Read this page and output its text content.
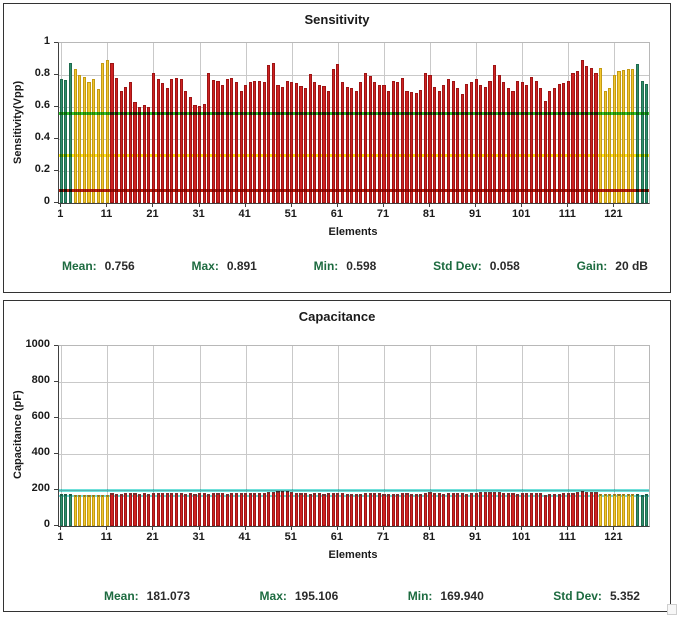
Sensitivity
Sensitivity(Vpp)
Elements
Mean: 0.756	Max: 0.891	Min: 0.598	Std Dev: 0.058	Gain: 20 dB
0
0.2
0.4
0.6
0.8
1
1	11	21	31	41	51	61	71	81	91	101	111	121
Capacitance
Capacitance (pF)
Elements
Mean: 181.073	Max: 195.106	Min: 169.940	Std Dev: 5.352
0
200
400
600
800
1000
1	11	21	31	41	51	61	71	81	91	101	111	121
